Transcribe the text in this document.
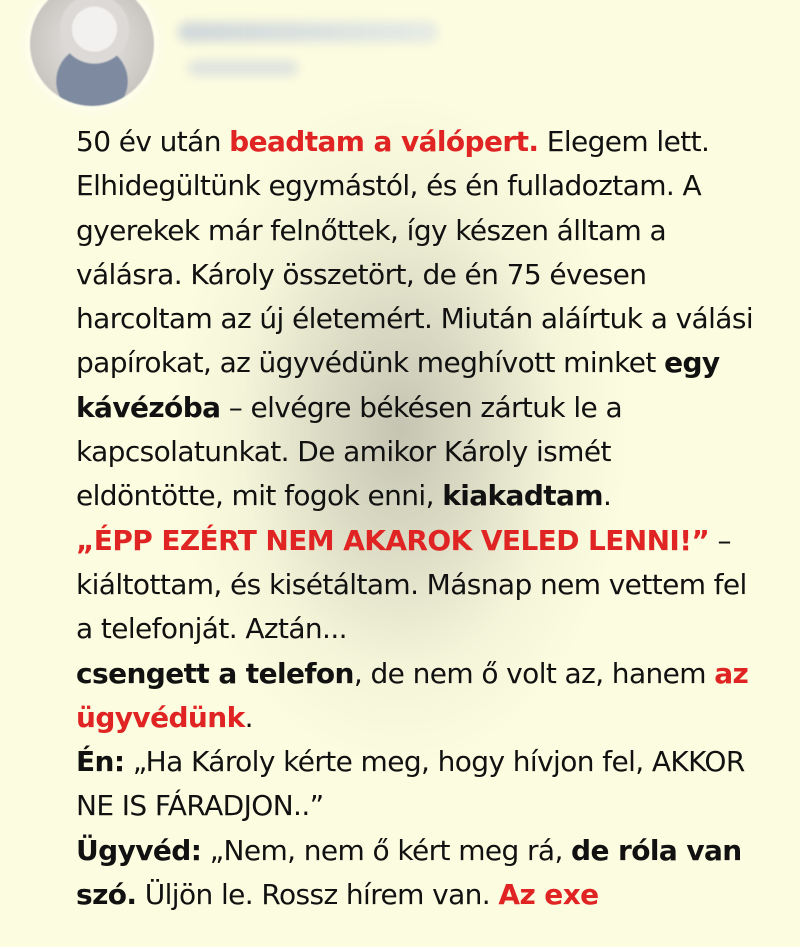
50 év után beadtam a válópert. Elegem lett. Elhidegültünk egymástól, és én fulladoztam. A gyerekek már felnőttek, így készen álltam a válásra. Károly összetört, de én 75 évesen harcoltam az új életemért. Miután aláírtuk a válási papírokat, az ügyvédünk meghívott minket egy kávézóba – elvégre békésen zártuk le a kapcsolatunkat. De amikor Károly ismét eldöntötte, mit fogok enni, kiakadtam.
„ÉPP EZÉRT NEM AKAROK VELED LENNI!” – kiáltottam, és kisétáltam. Másnap nem vettem fel a telefonját. Aztán...
csengett a telefon, de nem ő volt az, hanem az ügyvédünk.
Én: „Ha Károly kérte meg, hogy hívjon fel, AKKOR NE IS FÁRADJON..”
Ügyvéd: „Nem, nem ő kért meg rá, de róla van szó. Üljön le. Rossz hírem van. Az exe
